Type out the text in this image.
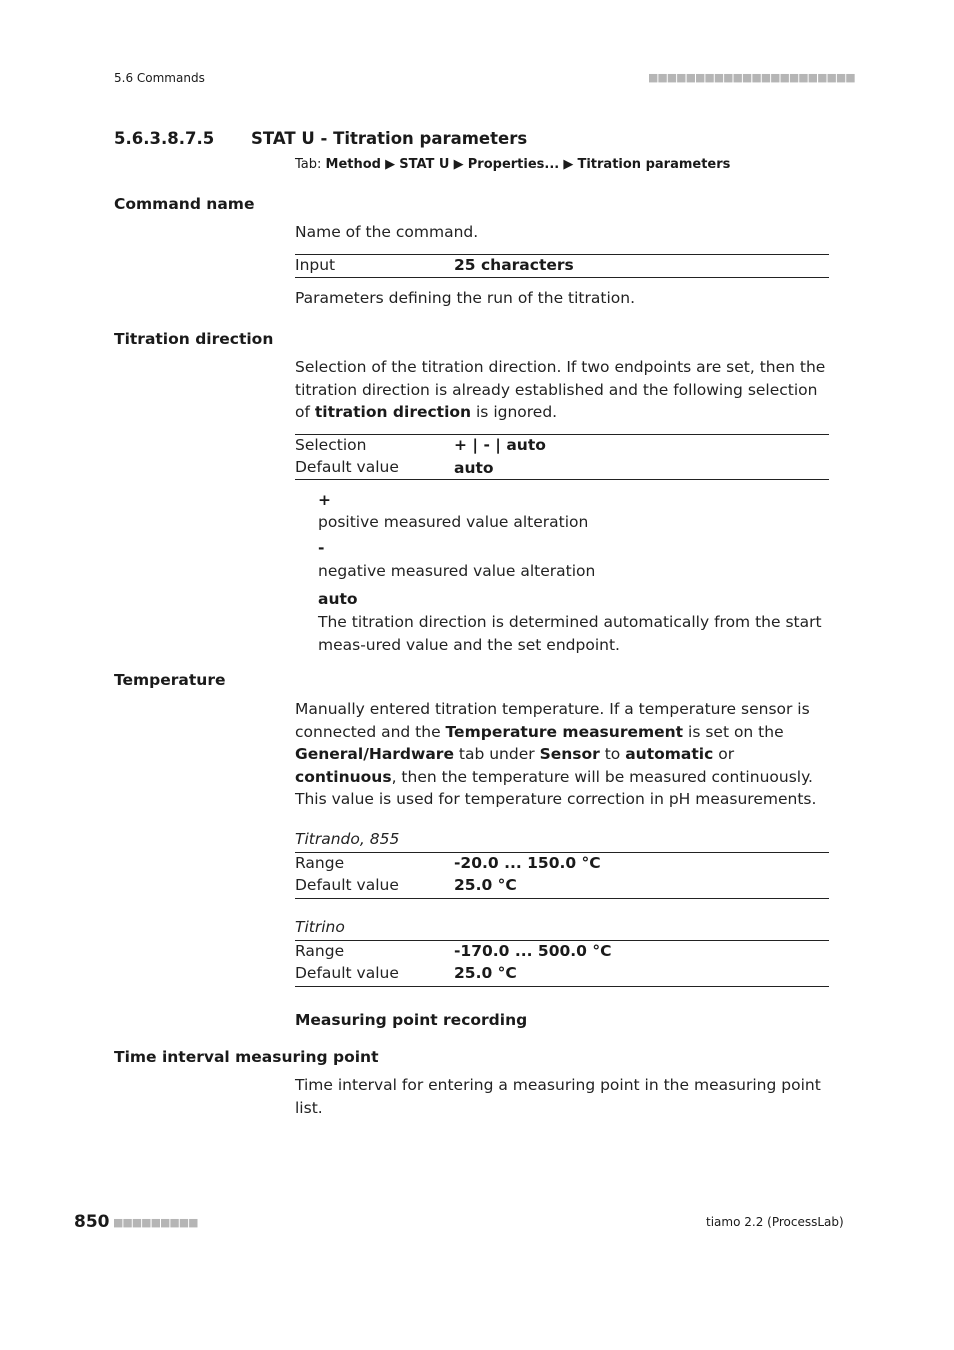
5.6 Commands	■■■■■■■■■■■■■■■■■■■■■■
5.6.3.8.7.5 STAT U - Titration parameters
Tab: Method ▶ STAT U ▶ Properties... ▶ Titration parameters
Command name
Name of the command.
Input	25 characters
Parameters defining the run of the titration.
Titration direction
Selection of the titration direction. If two endpoints are set, then the titration direction is already established and the following selection of titration direction is ignored.
Selection	+ | - | auto
Default value	auto
+
positive measured value alteration
-
negative measured value alteration
auto
The titration direction is determined automatically from the start meas-ured value and the set endpoint.
Temperature
Manually entered titration temperature. If a temperature sensor is connected and the Temperature measurement is set on the General/Hardware tab under Sensor to automatic or continuous, then the temperature will be measured continuously. This value is used for temperature correction in pH measurements.
Titrando, 855
Range	-20.0 ... 150.0 °C
Default value	25.0 °C
Titrino
Range	-170.0 ... 500.0 °C
Default value	25.0 °C
Measuring point recording
Time interval measuring point
Time interval for entering a measuring point in the measuring point list.
850 ■■■■■■■■■	tiamo 2.2 (ProcessLab)
